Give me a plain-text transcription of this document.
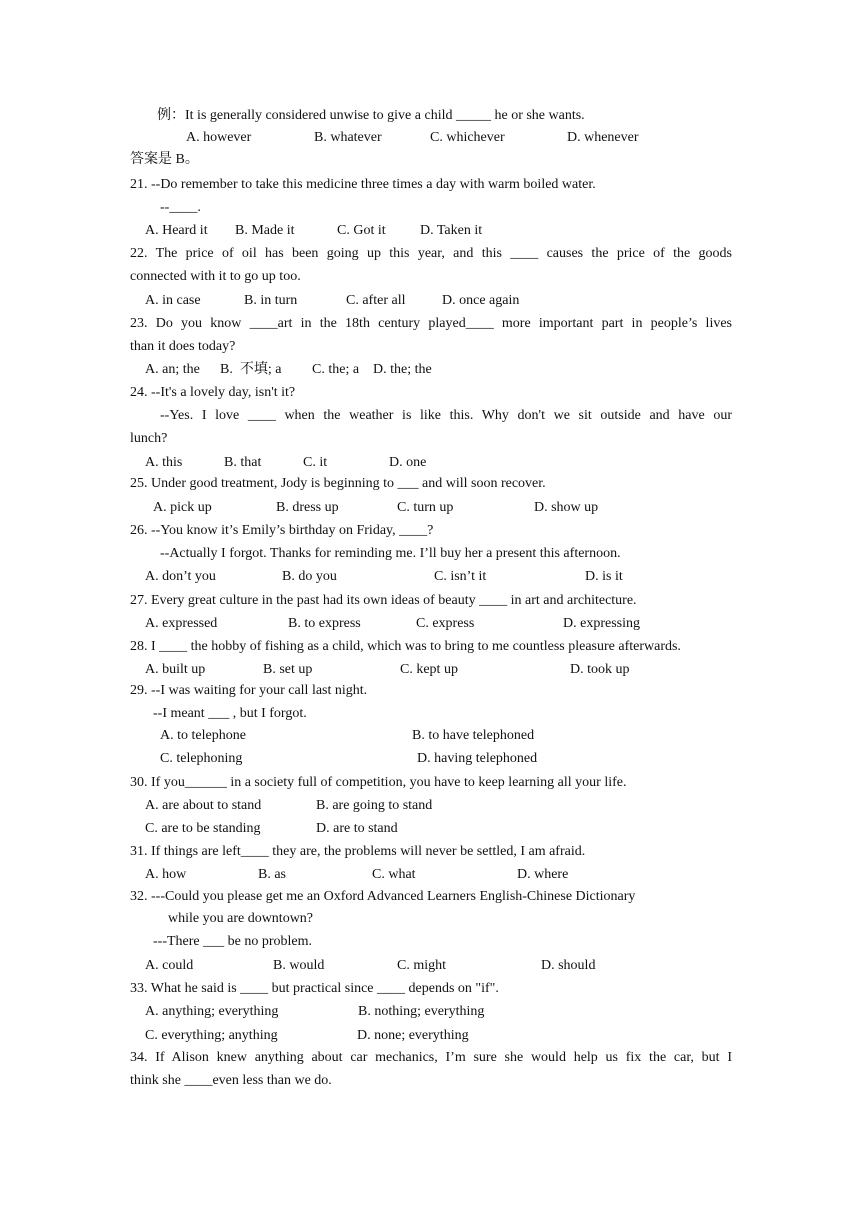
例：It is generally considered unwise to give a child _____ he or she wants.
A. however	B. whatever	C. whichever	D. whenever
答案是 B。
21. --Do remember to take this medicine three times a day with warm boiled water.
--____.
A. Heard it B. Made it	C. Got it D. Taken it
22. The price of oil has been going up this year, and this ____ causes the price of the goods
connected with it to go up too.
A. in case	B. in turn	C. after all	D. once again
23. Do you know ____art in the 18th century played____ more important part in people’s lives
than it does today?
A. an; the B.  不填; a C. the; a D. the; the
24. --It's a lovely day, isn't it?
--Yes. I love ____ when the weather is like this. Why don't we sit outside and have our
lunch?
A. this	B. that	C. it	D. one
25. Under good treatment, Jody is beginning to ___ and will soon recover.
A. pick up	B. dress up	C. turn up	D. show up
26. --You know it’s Emily’s birthday on Friday, ____?
--Actually I forgot. Thanks for reminding me. I’ll buy her a present this afternoon.
A. don’t you	B. do you	C. isn’t it	D. is it
27. Every great culture in the past had its own ideas of beauty ____ in art and architecture.
A. expressed	B. to express	C. express	D. expressing
28. I ____ the hobby of fishing as a child, which was to bring to me countless pleasure afterwards.
A. built up	B. set up	C. kept up	D. took up
29. --I was waiting for your call last night.
--I meant ___ , but I forgot.
A. to telephone	B. to have telephoned
C. telephoning	D. having telephoned
30. If you______ in a society full of competition, you have to keep learning all your life.
A. are about to stand	B. are going to stand
C. are to be standing	D. are to stand
31. If things are left____ they are, the problems will never be settled, I am afraid.
A. how	B. as	C. what	D. where
32. ---Could you please get me an Oxford Advanced Learners English-Chinese Dictionary
while you are downtown?
---There ___ be no problem.
A. could	B. would	C. might	D. should
33. What he said is ____ but practical since ____ depends on "if".
A. anything; everything	B. nothing; everything
C. everything; anything	D. none; everything
34. If Alison knew anything about car mechanics, I’m sure she would help us fix the car, but I
think she ____even less than we do.
